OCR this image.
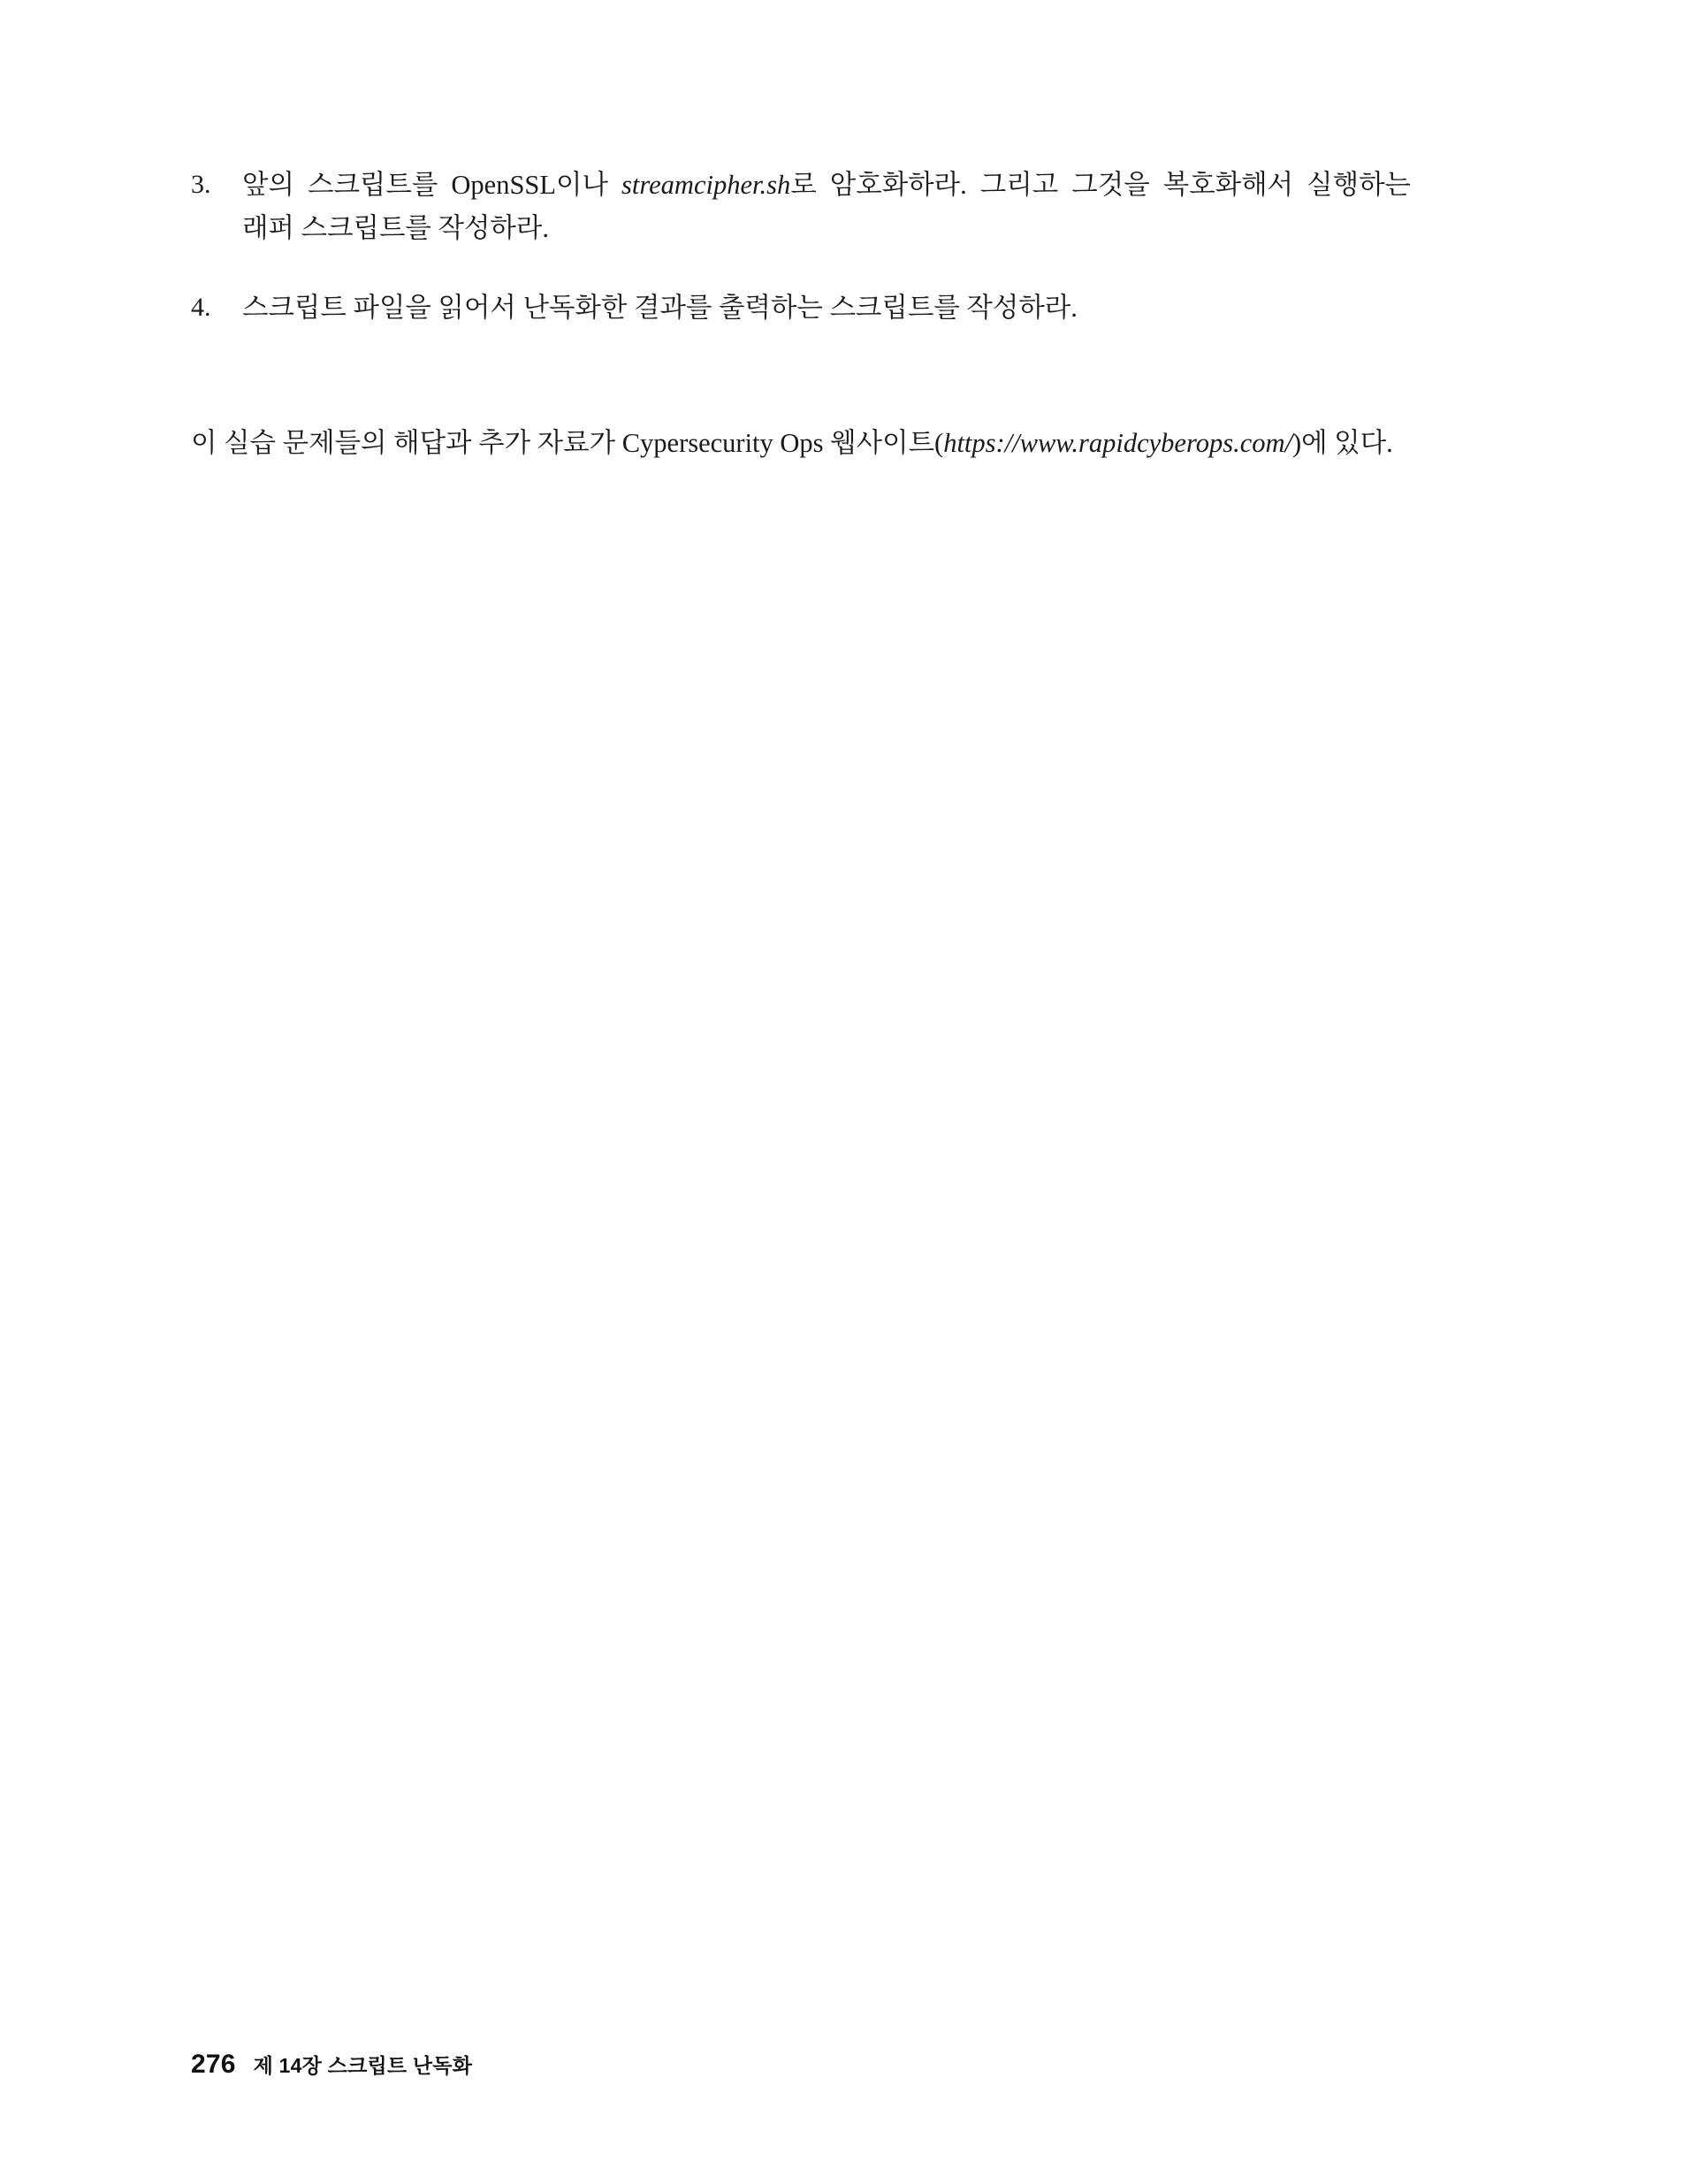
3.	앞의 스크립트를 OpenSSL이나 streamcipher.sh로 암호화하라. 그리고 그것을 복호화해서 실행하는 래퍼 스크립트를 작성하라.
4.	스크립트 파일을 읽어서 난독화한 결과를 출력하는 스크립트를 작성하라.

이 실습 문제들의 해답과 추가 자료가 Cypersecurity Ops 웹사이트(https://www.rapidcyberops.com/)에 있다.

276 제 14장 스크립트 난독화
